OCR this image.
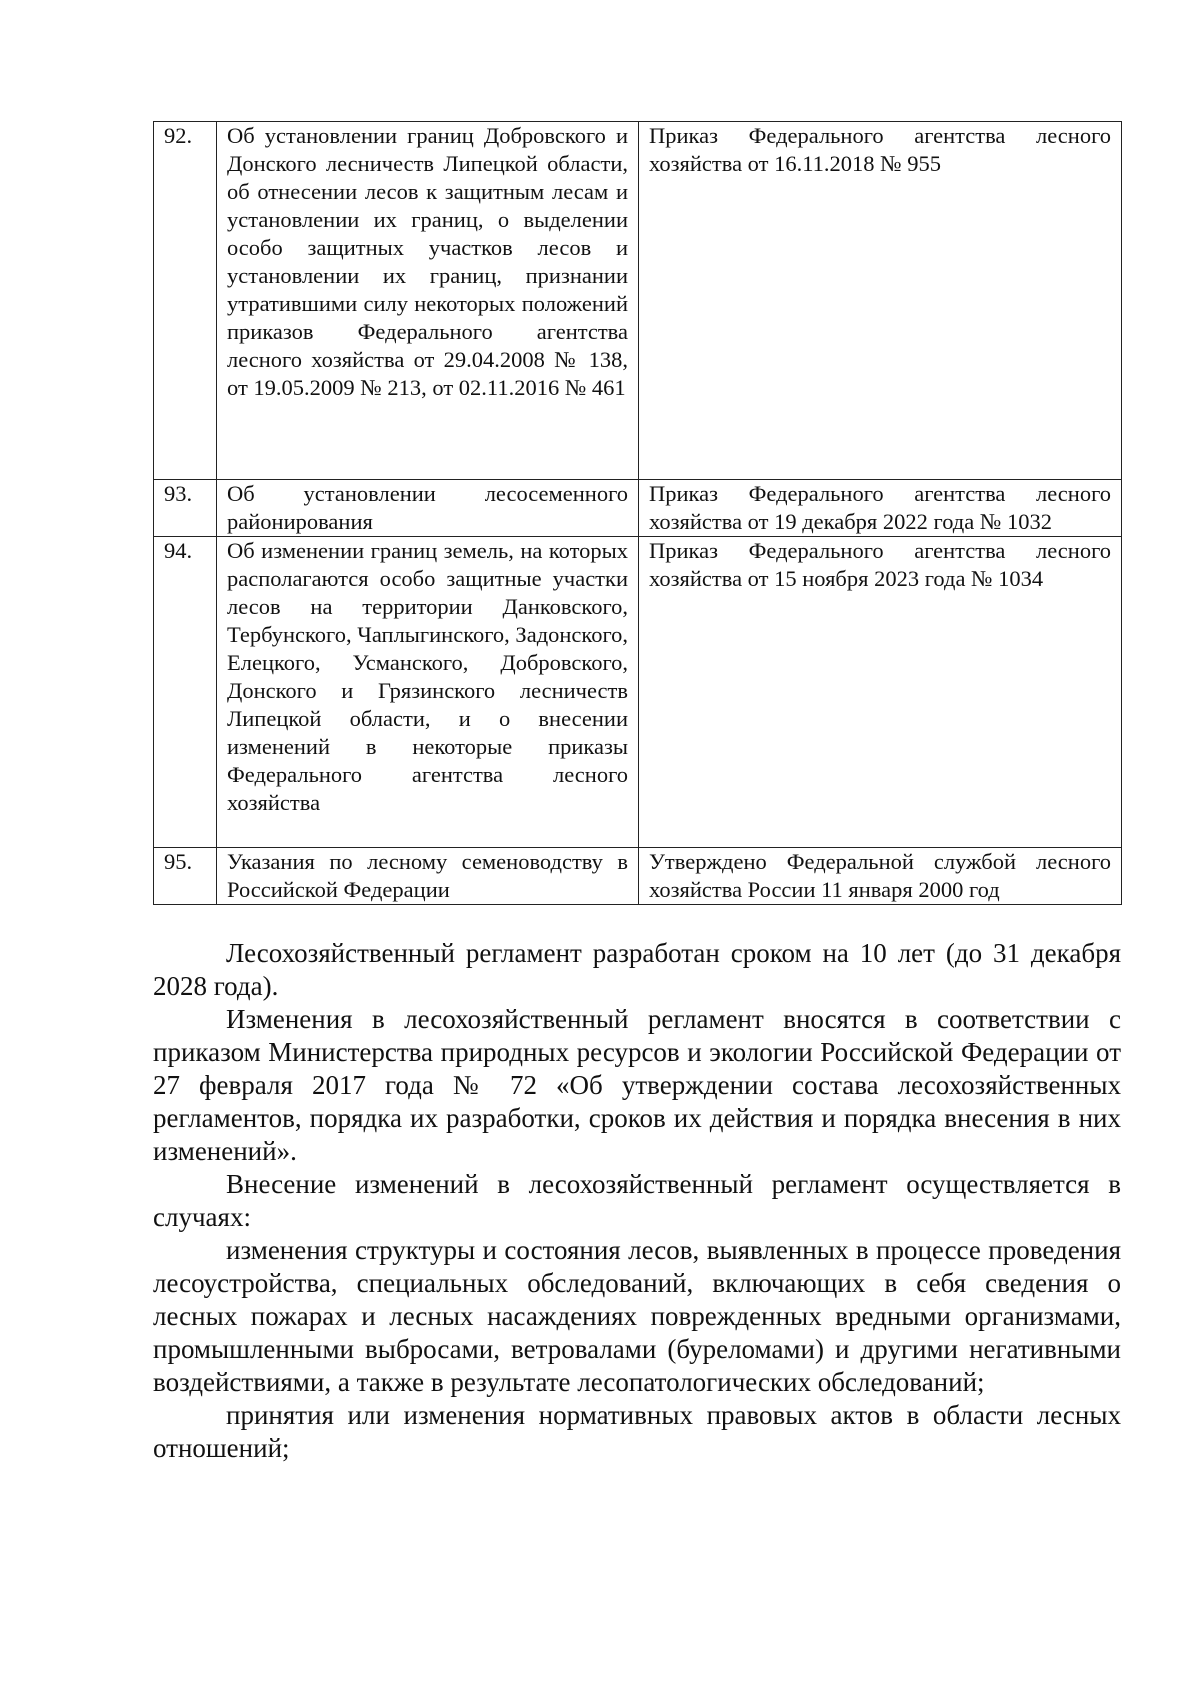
92.	Об установлении границ Добровского и Донского лесничеств Липецкой области, об отнесении лесов к защитным лесам и установлении их границ, о выделении особо защитных участков лесов и установлении их границ, признании утратившими силу некоторых положений приказов Федерального агентства лесного хозяйства от 29.04.2008 № 138, от 19.05.2009 № 213, от 02.11.2016 № 461	Приказ Федерального агентства лесного хозяйства от 16.11.2018 № 955
93.	Об установлении лесосеменного районирования	Приказ Федерального агентства лесного хозяйства от 19 декабря 2022 года № 1032
94.	Об изменении границ земель, на которых располагаются особо защитные участки лесов на территории Данковского, Тербунского, Чаплыгинского, Задонского, Елецкого, Усманского, Добровского, Донского и Грязинского лесничеств Липецкой области, и о внесении изменений в некоторые приказы Федерального агентства лесного хозяйства	Приказ Федерального агентства лесного хозяйства от 15 ноября 2023 года № 1034
95.	Указания по лесному семеноводству в Российской Федерации	Утверждено Федеральной службой лесного хозяйства России 11 января 2000 год

Лесохозяйственный регламент разработан сроком на 10 лет (до 31 декабря 2028 года).

Изменения в лесохозяйственный регламент вносятся в соответствии с приказом Министерства природных ресурсов и экологии Российской Федерации от 27 февраля 2017 года № 72 «Об утверждении состава лесохозяйственных регламентов, порядка их разработки, сроков их действия и порядка внесения в них изменений».

Внесение изменений в лесохозяйственный регламент осуществляется в случаях:

изменения структуры и состояния лесов, выявленных в процессе проведения лесоустройства, специальных обследований, включающих в себя сведения о лесных пожарах и лесных насаждениях поврежденных вредными организмами, промышленными выбросами, ветровалами (буреломами) и другими негативными воздействиями, а также в результате лесопатологических обследований;

принятия или изменения нормативных правовых актов в области лесных отношений;
